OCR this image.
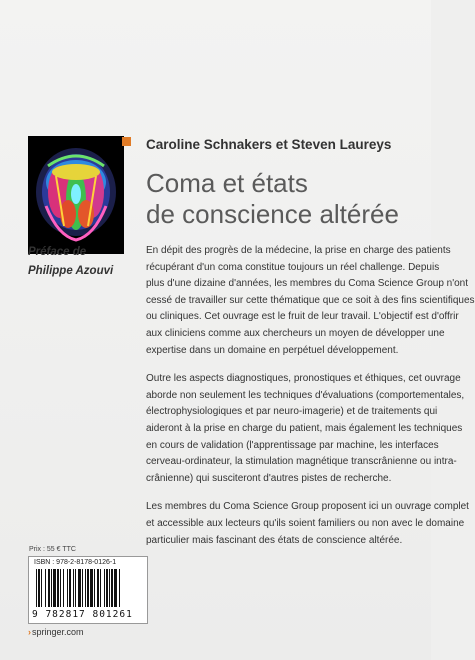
Caroline Schnakers et Steven Laureys
Coma et états
de conscience altérée
Préface de
Philippe Azouvi

En dépit des progrès de la médecine, la prise en charge des patients
récupérant d'un coma constitue toujours un réel challenge. Depuis
plus d'une dizaine d'années, les membres du Coma Science Group n'ont
cessé de travailler sur cette thématique que ce soit à des fins scientifiques
ou cliniques. Cet ouvrage est le fruit de leur travail. L'objectif est d'offrir
aux cliniciens comme aux chercheurs un moyen de développer une
expertise dans un domaine en perpétuel développement.

Outre les aspects diagnostiques, pronostiques et éthiques, cet ouvrage
aborde non seulement les techniques d'évaluations (comportementales,
électrophysiologiques et par neuro-imagerie) et de traitements qui
aideront à la prise en charge du patient, mais également les techniques
en cours de validation (l'apprentissage par machine, les interfaces
cerveau-ordinateur, la stimulation magnétique transcrânienne ou intra-
crânienne) qui susciteront d'autres pistes de recherche.

Les membres du Coma Science Group proposent ici un ouvrage complet
et accessible aux lecteurs qu'ils soient familiers ou non avec le domaine
particulier mais fascinant des états de conscience altérée.

Prix : 55 € TTC
ISBN : 978-2-8178-0126-1
9 782817 801261
›springer.com
